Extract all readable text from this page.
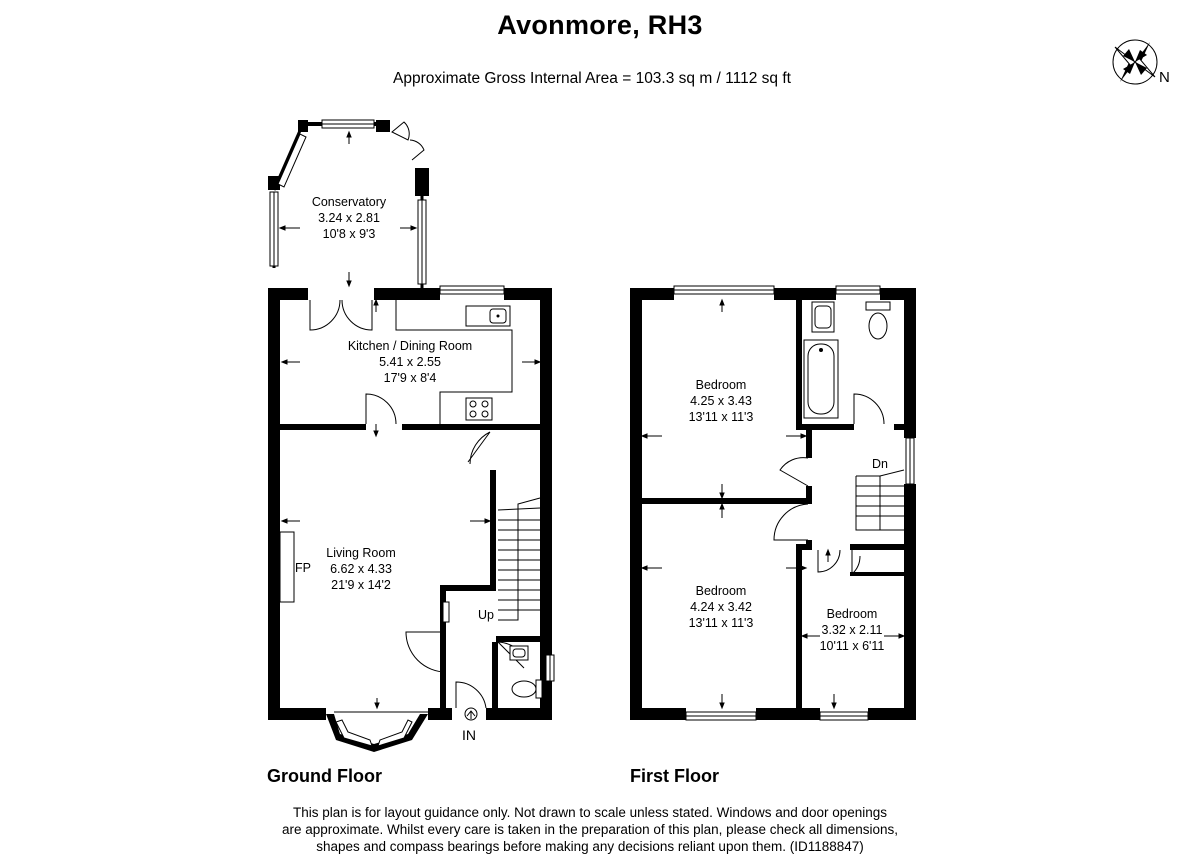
Avonmore, RH3
Approximate Gross Internal Area = 103.3 sq m / 1112 sq ft	N
Conservatory
3.24 x 2.81
10'8 x 9'3
Kitchen / Dining Room
5.41 x 2.55
17'9 x 8'4
Living Room
6.62 x 4.33
21'9 x 14'2
FP
Up
IN
Bedroom
4.25 x 3.43
13'11 x 11'3
Bedroom
4.24 x 3.42
13'11 x 11'3
Bedroom
3.32 x 2.11
10'11 x 6'11
Dn
Ground Floor	First Floor
This plan is for layout guidance only. Not drawn to scale unless stated. Windows and door openings
are approximate. Whilst every care is taken in the preparation of this plan, please check all dimensions,
shapes and compass bearings before making any decisions reliant upon them. (ID1188847)
